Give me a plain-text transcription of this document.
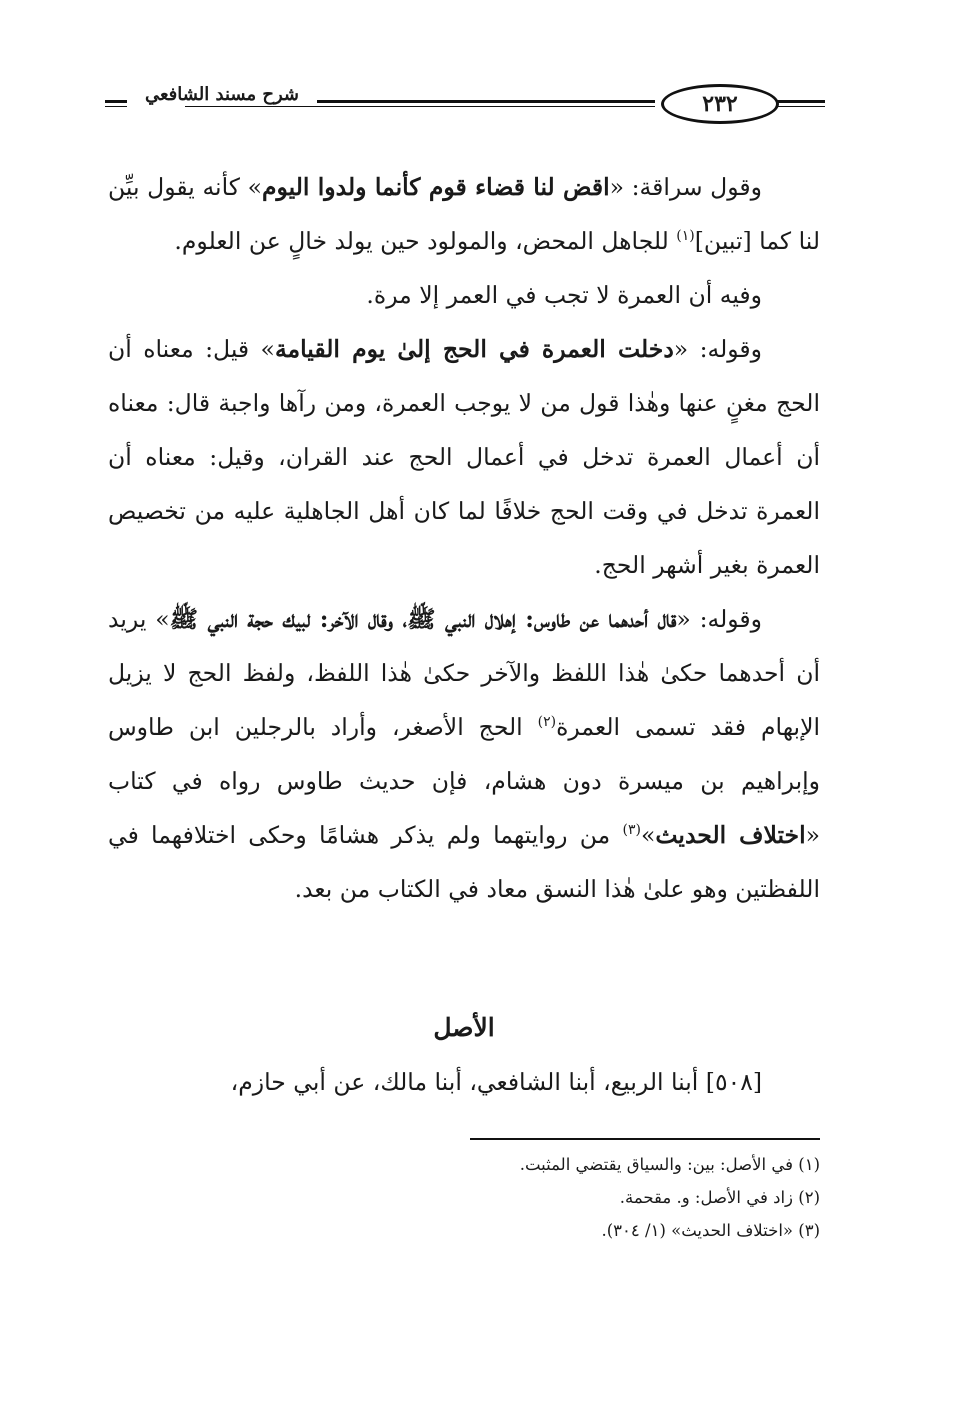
شرح مسند الشافعي	٢٣٢

وقول سراقة: «اقض لنا قضاء قوم كأنما ولدوا اليوم» كأنه يقول بيِّن لنا كما [تبين]$^{(١)}$ للجاهل المحض، والمولود حين يولد خالٍ عن العلوم.

وفيه أن العمرة لا تجب في العمر إلا مرة.

وقوله: «دخلت العمرة في الحج إلىٰ يوم القيامة» قيل: معناه أن الحج مغنٍ عنها وهٰذا قول من لا يوجب العمرة، ومن رآها واجبة قال: معناه أن أعمال العمرة تدخل في أعمال الحج عند القران، وقيل: معناه أن العمرة تدخل في وقت الحج خلافًا لما كان أهل الجاهلية عليه من تخصيص العمرة بغير أشهر الحج.

وقوله: «قال أحدهما عن طاوس: إهلال النبي ﷺ، وقال الآخر: لبيك حجة النبي ﷺ» يريد أن أحدهما حكىٰ هٰذا اللفظ والآخر حكىٰ هٰذا اللفظ، ولفظ الحج لا يزيل الإبهام فقد تسمى العمرة$^{(٢)}$ الحج الأصغر، وأراد بالرجلين ابن طاوس وإبراهيم بن ميسرة دون هشام، فإن حديث طاوس رواه في كتاب «اختلاف الحديث»$^{(٣)}$ من روايتهما ولم يذكر هشامًا وحكى اختلافهما في اللفظتين وهو علىٰ هٰذا النسق معاد في الكتاب من بعد.

الأصل
[٥٠٨] أبنا الربيع، أبنا الشافعي، أبنا مالك، عن أبي حازم،
(١) في الأصل: بين: والسياق يقتضي المثبت.
(٢) زاد في الأصل: و. مقحمة.
(٣) «اختلاف الحديث» (١/ ٣٠٤).
